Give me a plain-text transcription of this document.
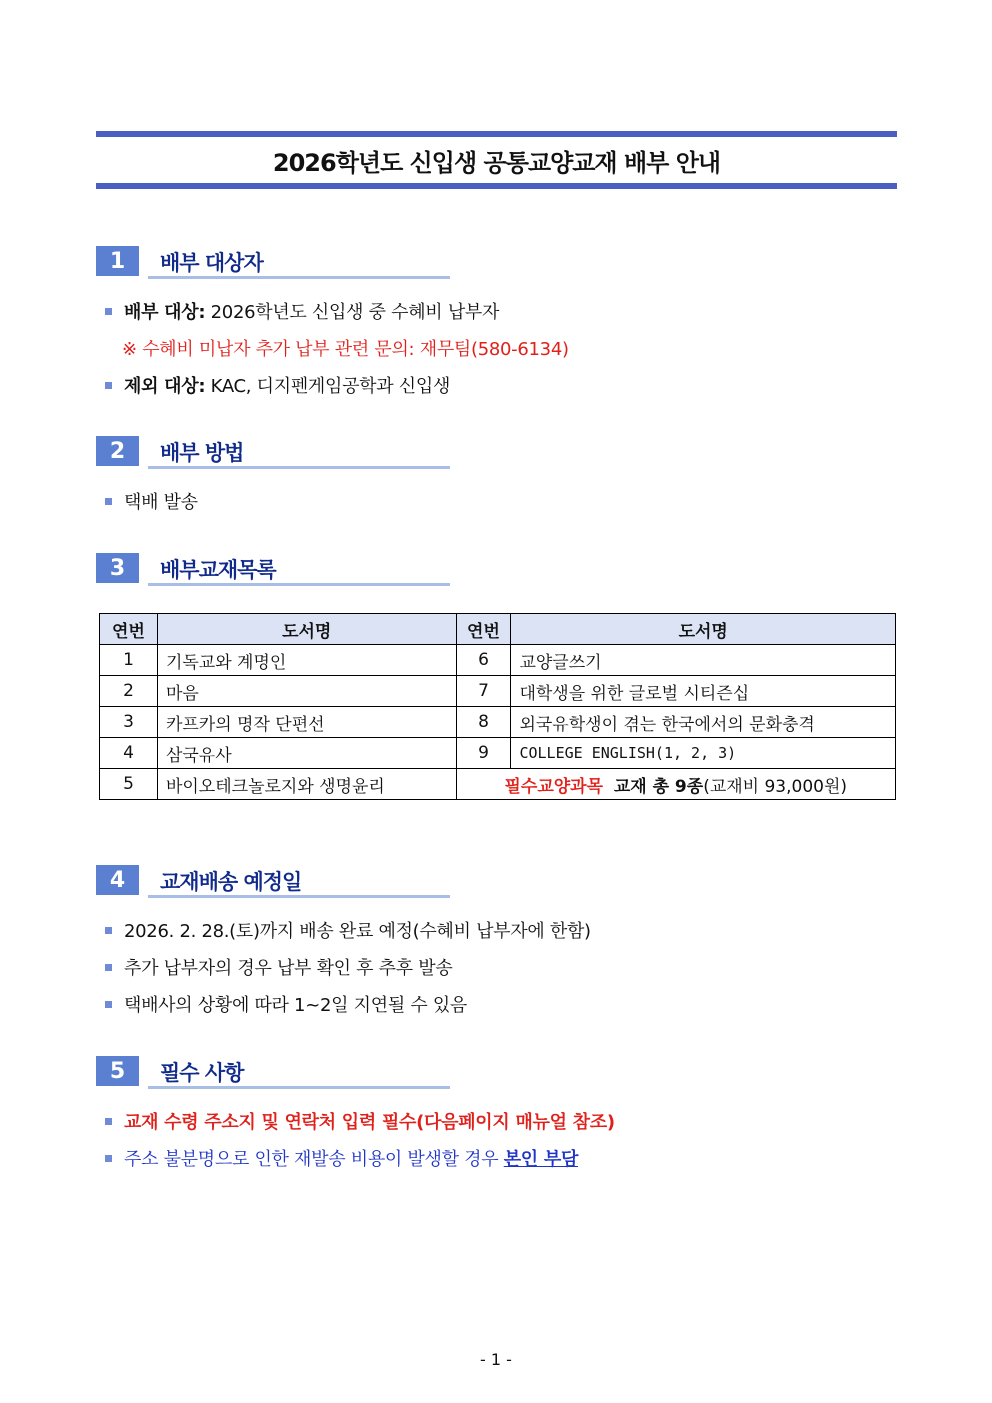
2026학년도 신입생 공통교양교재 배부 안내
1	배부 대상자
배부 대상: 2026학년도 신입생 중 수혜비 납부자
※ 수혜비 미납자 추가 납부 관련 문의: 재무팀(580-6134)
제외 대상: KAC, 디지펜게임공학과 신입생
2	배부 방법
택배 발송
3	배부교재목록
연번	도서명	연번	도서명
1	기독교와 계명인	6	교양글쓰기
2	마음	7	대학생을 위한 글로벌 시티즌십
3	카프카의 명작 단편선	8	외국유학생이 겪는 한국에서의 문화충격
4	삼국유사	9	COLLEGE ENGLISH(1, 2, 3)
5	바이오테크놀로지와 생명윤리	필수교양과목 교재 총 9종(교재비 93,000원)	
4	교재배송 예정일
2026. 2. 28.(토)까지 배송 완료 예정(수혜비 납부자에 한함)
추가 납부자의 경우 납부 확인 후 추후 발송
택배사의 상황에 따라 1~2일 지연될 수 있음
5	필수 사항
교재 수령 주소지 및 연락처 입력 필수(다음페이지 매뉴얼 참조)
주소 불분명으로 인한 재발송 비용이 발생할 경우 본인 부담
- 1 -
